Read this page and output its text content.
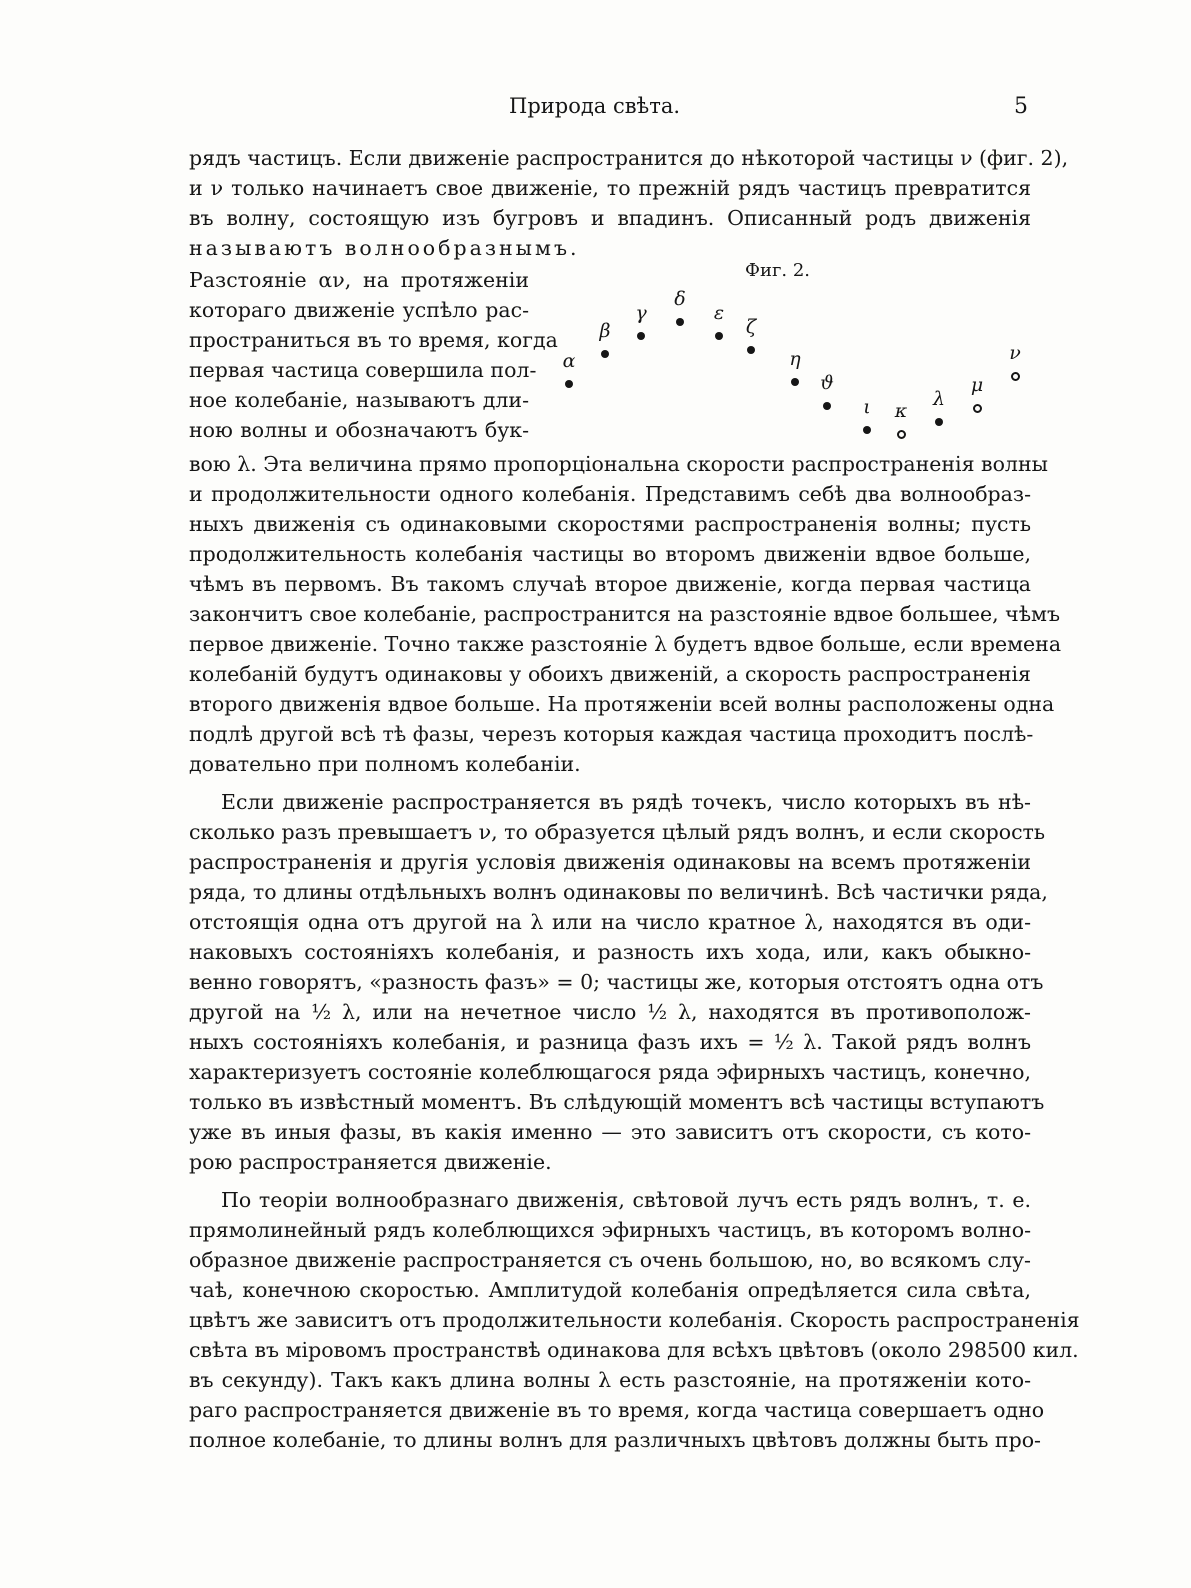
Природа свѣта.	5
рядъ частицъ. Если движеніе распространится до нѣкоторой частицы ν (фиг. 2),
и ν только начинаетъ свое движеніе, то прежній рядъ частицъ превратится
въ волну, состоящую изъ бугровъ и впадинъ. Описанный родъ движенія
называютъ волнообразнымъ.
Разстояніе αν, на протяженіи
котораго движеніе успѣло рас-
пространиться въ то время, когда
первая частица совершила пол-
ное колебаніе, называютъ дли-
ною волны и обозначаютъ бук-
Фиг. 2.
α
β
γ
δ
ε
ζ
η
ϑ
ι	κ
λ
μ
ν
вою λ. Эта величина прямо пропорціональна скорости распространенія волны
и продолжительности одного колебанія. Представимъ себѣ два волнообраз-
ныхъ движенія съ одинаковыми скоростями распространенія волны; пусть
продолжительность колебанія частицы во второмъ движеніи вдвое больше,
чѣмъ въ первомъ. Въ такомъ случаѣ второе движеніе, когда первая частица
закончитъ свое колебаніе, распространится на разстояніе вдвое большее, чѣмъ
первое движеніе. Точно также разстояніе λ будетъ вдвое больше, если времена
колебаній будутъ одинаковы у обоихъ движеній, а скорость распространенія
второго движенія вдвое больше. На протяженіи всей волны расположены одна
подлѣ другой всѣ тѣ фазы, черезъ которыя каждая частица проходитъ послѣ-
довательно при полномъ колебаніи.
Если движеніе распространяется въ рядѣ точекъ, число которыхъ въ нѣ-
сколько разъ превышаетъ ν, то образуется цѣлый рядъ волнъ, и если скорость
распространенія и другія условія движенія одинаковы на всемъ протяженіи
ряда, то длины отдѣльныхъ волнъ одинаковы по величинѣ. Всѣ частички ряда,
отстоящія одна отъ другой на λ или на число кратное λ, находятся въ оди-
наковыхъ состояніяхъ колебанія, и разность ихъ хода, или, какъ обыкно-
венно говорятъ, «разность фазъ» = 0; частицы же, которыя отстоятъ одна отъ
другой на ½ λ, или на нечетное число ½ λ, находятся въ противополож-
ныхъ состояніяхъ колебанія, и разница фазъ ихъ = ½ λ. Такой рядъ волнъ
характеризуетъ состояніе колеблющагося ряда эфирныхъ частицъ, конечно,
только въ извѣстный моментъ. Въ слѣдующій моментъ всѣ частицы вступаютъ
уже въ иныя фазы, въ какія именно — это зависитъ отъ скорости, съ кото-
рою распространяется движеніе.
По теоріи волнообразнаго движенія, свѣтовой лучъ есть рядъ волнъ, т. е.
прямолинейный рядъ колеблющихся эфирныхъ частицъ, въ которомъ волно-
образное движеніе распространяется съ очень большою, но, во всякомъ слу-
чаѣ, конечною скоростью. Амплитудой колебанія опредѣляется сила свѣта,
цвѣтъ же зависитъ отъ продолжительности колебанія. Скорость распространенія
свѣта въ міровомъ пространствѣ одинакова для всѣхъ цвѣтовъ (около 298500 кил.
въ секунду). Такъ какъ длина волны λ есть разстояніе, на протяженіи кото-
раго распространяется движеніе въ то время, когда частица совершаетъ одно
полное колебаніе, то длины волнъ для различныхъ цвѣтовъ должны быть про-
